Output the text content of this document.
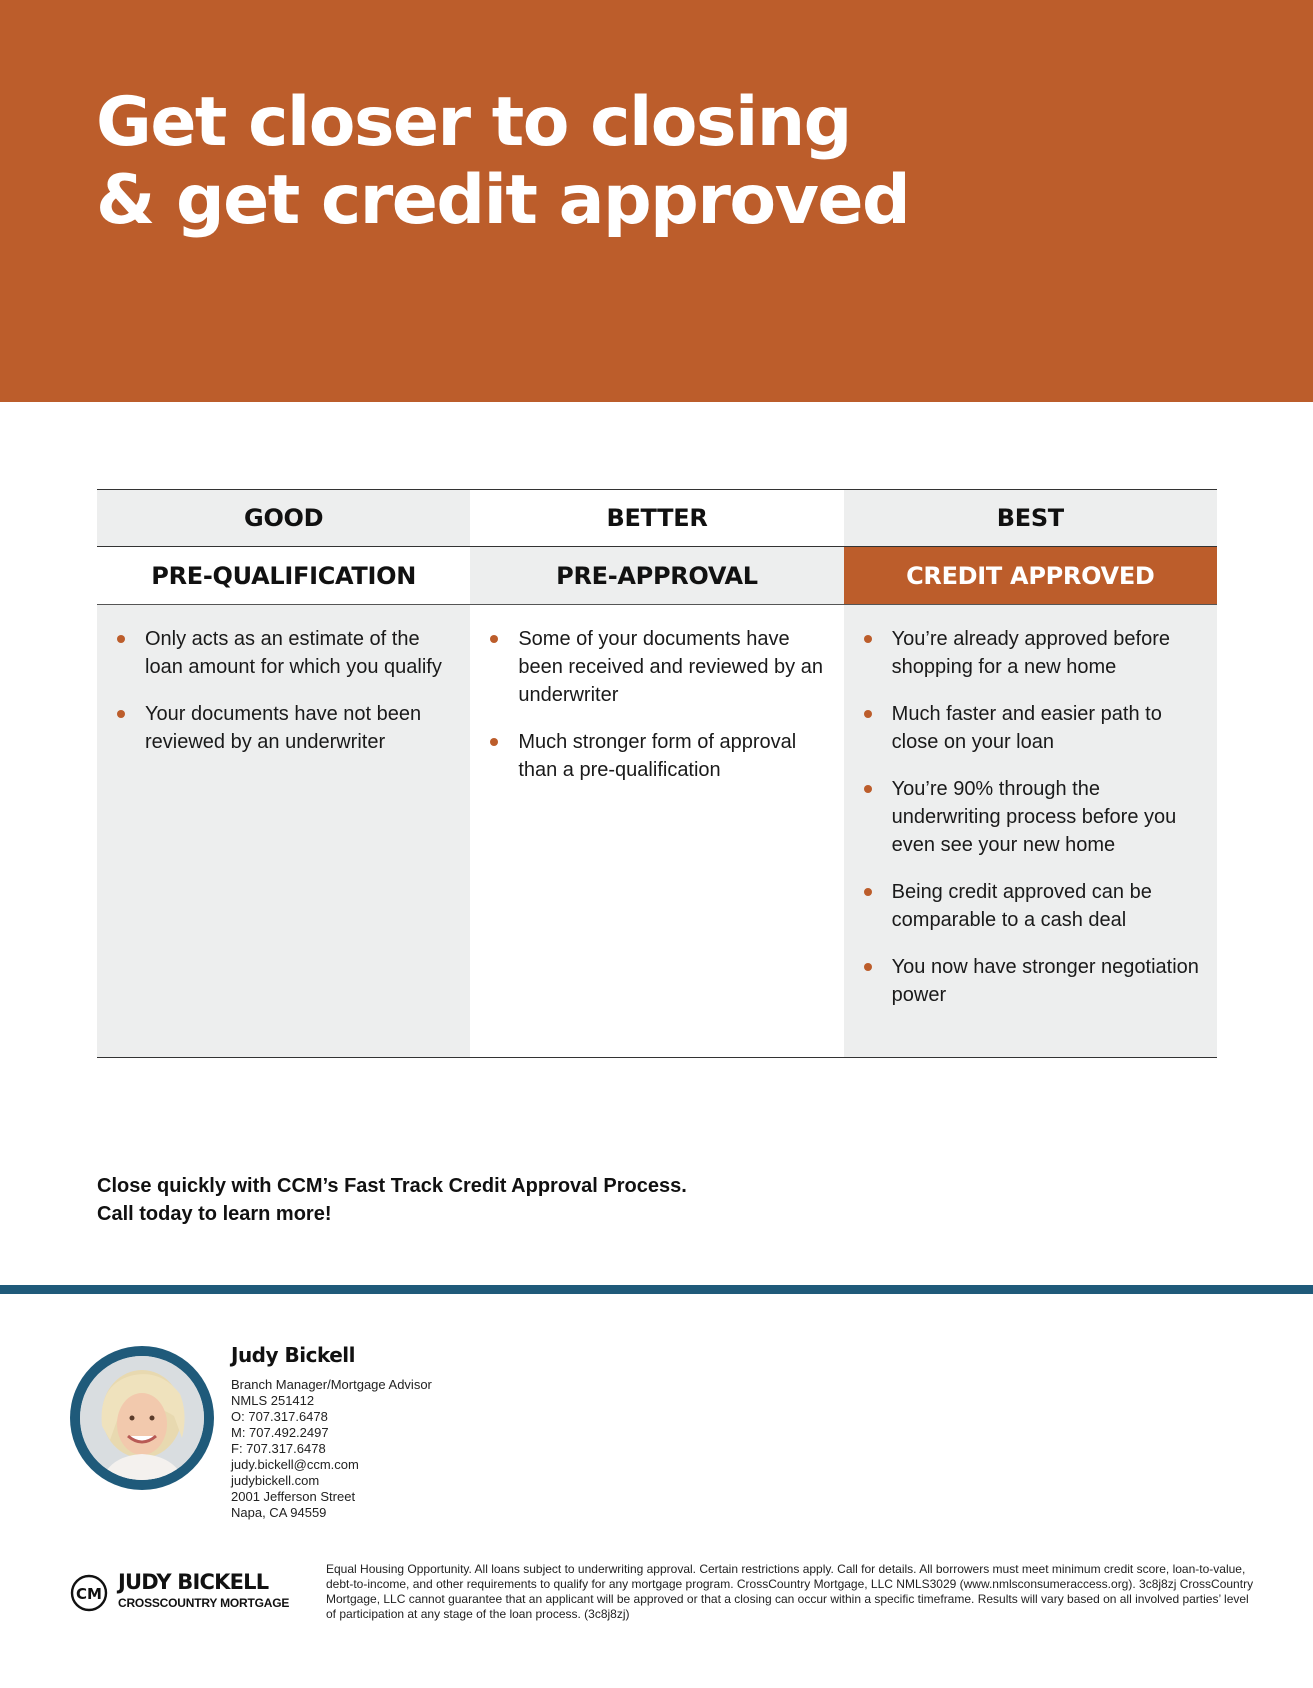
Get closer to closing
& get credit approved
GOOD
PRE-QUALIFICATION
Only acts as an estimate of the loan amount for which you qualify
Your documents have not been reviewed by an underwriter
BETTER
PRE-APPROVAL
Some of your documents have been received and reviewed by an underwriter
Much stronger form of approval than a pre-qualification
BEST
CREDIT APPROVED
You’re already approved before shopping for a new home
Much faster and easier path to close on your loan
You’re 90% through the underwriting process before you even see your new home
Being credit approved can be comparable to a cash deal
You now have stronger negotiation power

Close quickly with CCM’s Fast Track Credit Approval Process.
Call today to learn more!

Judy Bickell

Branch Manager/Mortgage Advisor
NMLS 251412
O: 707.317.6478
M: 707.492.2497
F: 707.317.6478
judy.bickell@ccm.com
judybickell.com
2001 Jefferson Street
Napa, CA 94559
CM JUDY BICKELL
CROSSCOUNTRY MORTGAGE

Equal Housing Opportunity. All loans subject to underwriting approval. Certain restrictions apply. Call for details. All borrowers must meet minimum credit score, loan-to-value, debt-to-income, and other requirements to qualify for any mortgage program. CrossCountry Mortgage, LLC NMLS3029 (www.nmlsconsumeraccess.org). 3c8j8zj CrossCountry Mortgage, LLC cannot guarantee that an applicant will be approved or that a closing can occur within a specific timeframe. Results will vary based on all involved parties’ level of participation at any stage of the loan process. (3c8j8zj)
